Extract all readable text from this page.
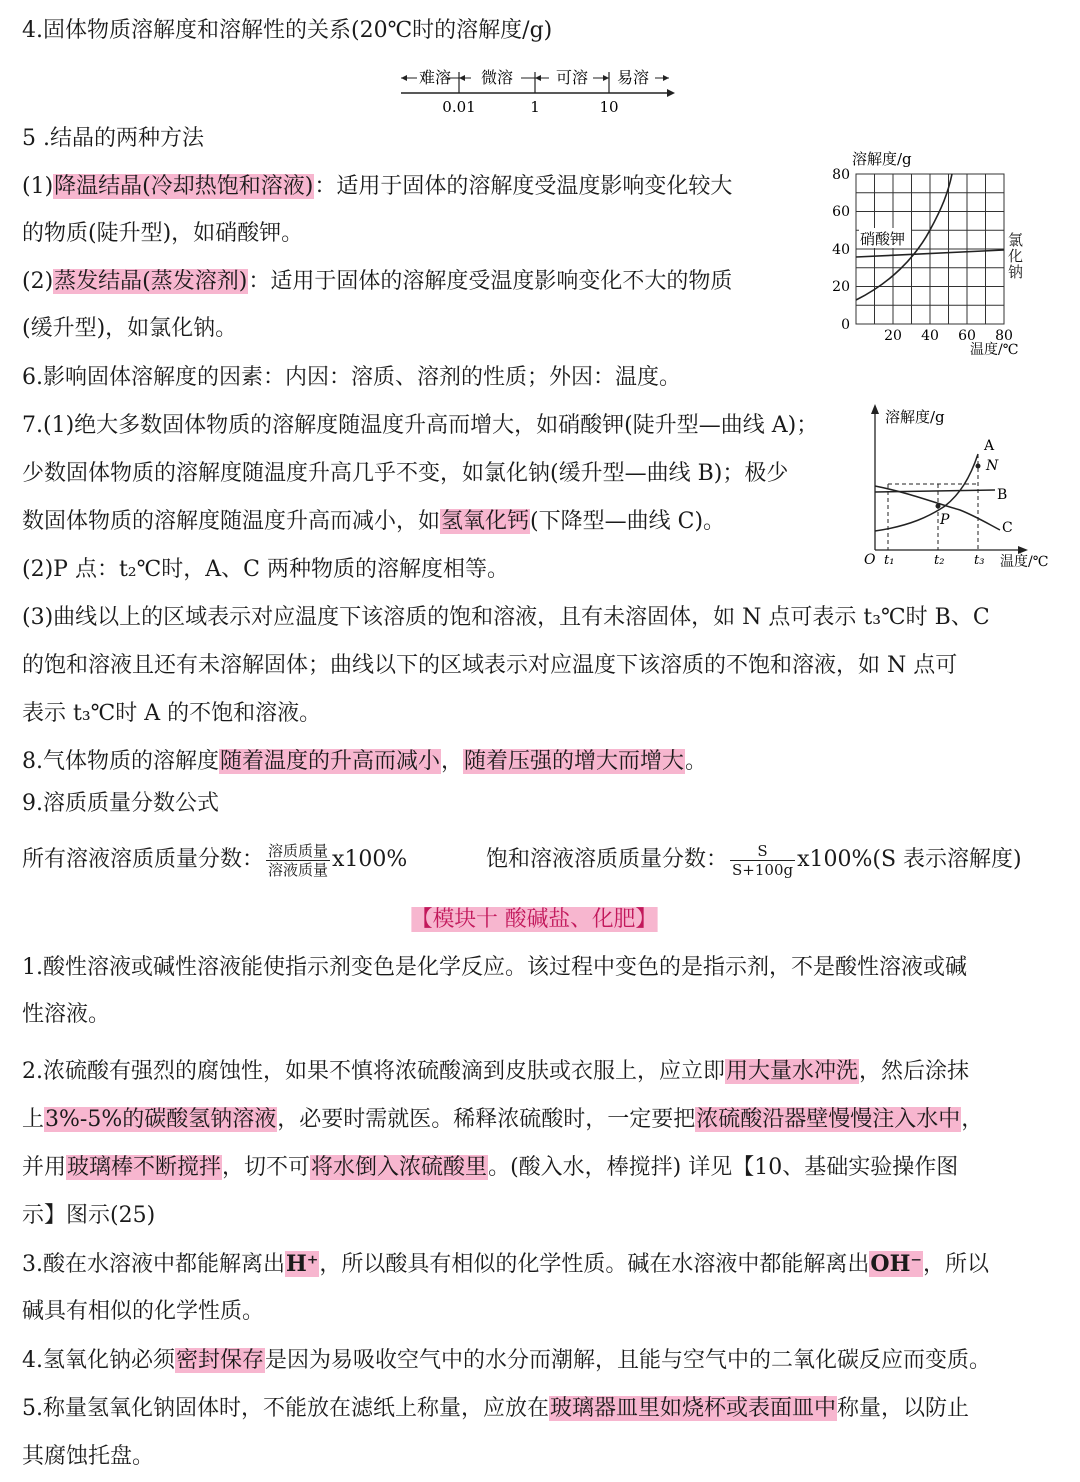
4.固体物质溶解度和溶解性的关系(20℃时的溶解度/g)
难溶 微溶	可溶 易溶
0.01	1	10
5 .结晶的两种方法
(1)降温结晶(冷却热饱和溶液)：适用于固体的溶解度受温度影响变化较大
的物质(陡升型)，如硝酸钾。
(2)蒸发结晶(蒸发溶剂)：适用于固体的溶解度受温度影响变化不大的物质
(缓升型)，如氯化钠。
溶解度/g
硝酸钾
80
60
40
20
0
20 40 60 80
温度/℃
氯化钠
6.影响固体溶解度的因素：内因：溶质、溶剂的性质；外因：温度。
7.(1)绝大多数固体物质的溶解度随温度升高而增大，如硝酸钾(陡升型—曲线 A)；
少数固体物质的溶解度随温度升高几乎不变，如氯化钠(缓升型—曲线 B)；极少
数固体物质的溶解度随温度升高而减小，如氢氧化钙(下降型—曲线 C)。
(2)P 点：t₂℃时，A、C 两种物质的溶解度相等。
(3)曲线以上的区域表示对应温度下该溶质的饱和溶液，且有未溶固体，如 N 点可表示 t₃℃时 B、C
的饱和溶液且还有未溶解固体；曲线以下的区域表示对应温度下该溶质的不饱和溶液，如 N 点可
表示 t₃℃时 A 的不饱和溶液。
溶解度/g
O
A
N
B
P	C
t₁	t₂ t₃ 温度/℃
8.气体物质的溶解度随着温度的升高而减小，随着压强的增大而增大。
9.溶质质量分数公式
所有溶液溶质质量分数： $\frac{\text{溶质质量}}{\text{溶液质量}} x100\%$	饱和溶液溶质质量分数： $\frac{S}{S+100g} x100\%(S$ 表示溶解度)
【模块十 酸碱盐、化肥】
1.酸性溶液或碱性溶液能使指示剂变色是化学反应。该过程中变色的是指示剂，不是酸性溶液或碱
性溶液。
2.浓硫酸有强烈的腐蚀性，如果不慎将浓硫酸滴到皮肤或衣服上，应立即用大量水冲洗，然后涂抹
上3%-5%的碳酸氢钠溶液，必要时需就医。稀释浓硫酸时，一定要把浓硫酸沿器壁慢慢注入水中，
并用玻璃棒不断搅拌，切不可将水倒入浓硫酸里。(酸入水，棒搅拌) 详见【10、基础实验操作图
示】图示(25)
3.酸在水溶液中都能解离出H⁺，所以酸具有相似的化学性质。碱在水溶液中都能解离出OH⁻，所以
碱具有相似的化学性质。
4.氢氧化钠必须密封保存是因为易吸收空气中的水分而潮解，且能与空气中的二氧化碳反应而变质。
5.称量氢氧化钠固体时，不能放在滤纸上称量，应放在玻璃器皿里如烧杯或表面皿中称量，以防止
其腐蚀托盘。
